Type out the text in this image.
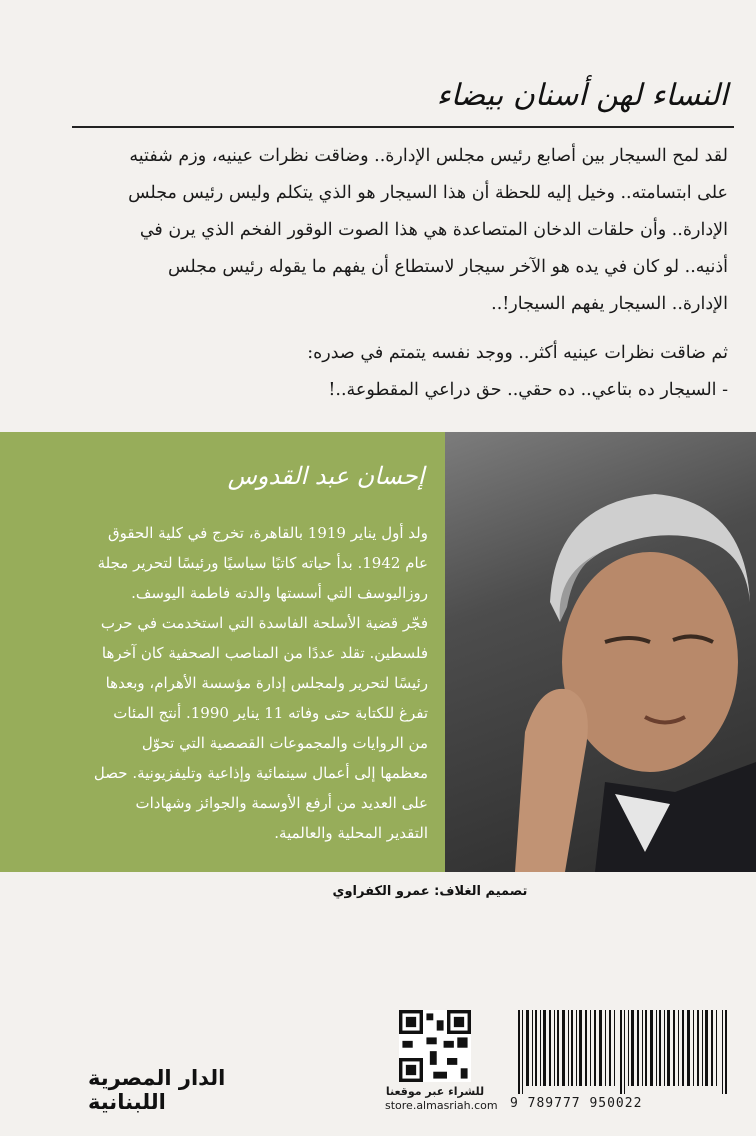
النساء لهن أسنان بيضاء
لقد لمح السيجار بين أصابع رئيس مجلس الإدارة.. وضاقت نظرات عينيه، وزم شفتيه
على ابتسامته.. وخيل إليه للحظة أن هذا السيجار هو الذي يتكلم وليس رئيس مجلس
الإدارة.. وأن حلقات الدخان المتصاعدة هي هذا الصوت الوقور الفخم الذي يرن في
أذنيه.. لو كان في يده هو الآخر سيجار لاستطاع أن يفهم ما يقوله رئيس مجلس
الإدارة.. السيجار يفهم السيجار!..
ثم ضاقت نظرات عينيه أكثر.. ووجد نفسه يتمتم في صدره:
- السيجار ده بتاعي.. ده حقي.. حق دراعي المقطوعة..!
إحسان عبد القدوس
ولد أول يناير 1919 بالقاهرة، تخرج في كلية الحقوق
عام 1942. بدأ حياته كاتبًا سياسيًا ورئيسًا لتحرير مجلة
روزاليوسف التي أسستها والدته فاطمة اليوسف.
فجّر قضية الأسلحة الفاسدة التي استخدمت في حرب
فلسطين. تقلد عددًا من المناصب الصحفية كان آخرها
رئيسًا لتحرير ولمجلس إدارة مؤسسة الأهرام، وبعدها
تفرغ للكتابة حتى وفاته 11 يناير 1990. أنتج المئات
من الروايات والمجموعات القصصية التي تحوّل
معظمها إلى أعمال سينمائية وإذاعية وتليفزيونية. حصل
على العديد من أرفع الأوسمة والجوائز وشهادات
التقدير المحلية والعالمية.
تصميم الغلاف: عمرو الكفراوي
للشراء عبر موقعنا
store.almasriah.com
الدار المصرية اللبنانية	9 789777 950022
